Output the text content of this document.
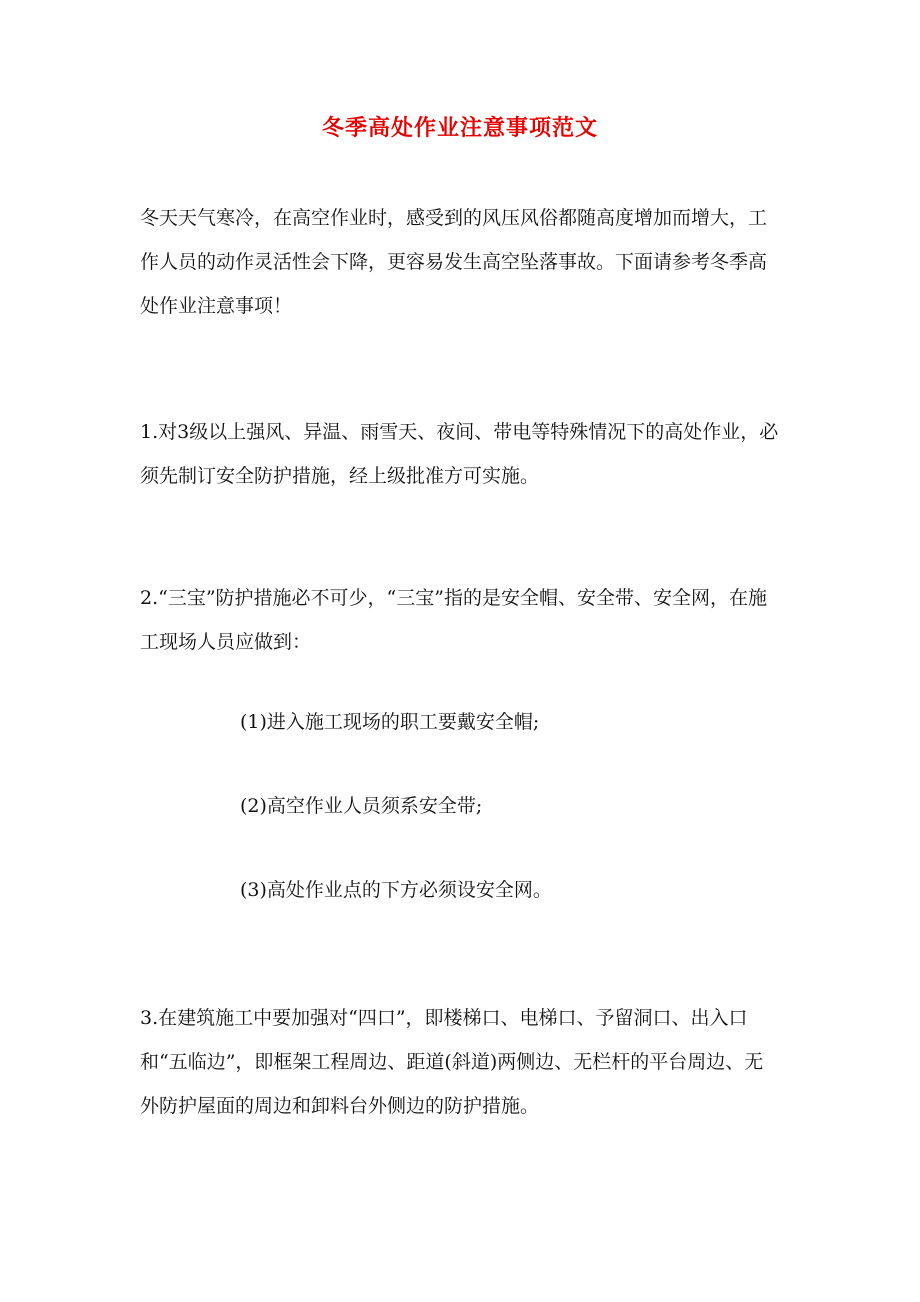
冬季高处作业注意事项范文

冬天天气寒冷，在高空作业时，感受到的风压风俗都随高度增加而增大，工作人员的动作灵活性会下降，更容易发生高空坠落事故。下面请参考冬季高处作业注意事项！

1.对3级以上强风、异温、雨雪天、夜间、带电等特殊情况下的高处作业，必须先制订安全防护措施，经上级批准方可实施。

2.“三宝”防护措施必不可少，“三宝”指的是安全帽、安全带、安全网，在施工现场人员应做到：

(1)进入施工现场的职工要戴安全帽;

(2)高空作业人员须系安全带;

(3)高处作业点的下方必须设安全网。

3.在建筑施工中要加强对“四口”，即楼梯口、电梯口、予留洞口、出入口和“五临边”，即框架工程周边、距道(斜道)两侧边、无栏杆的平台周边、无外防护屋面的周边和卸料台外侧边的防护措施。
